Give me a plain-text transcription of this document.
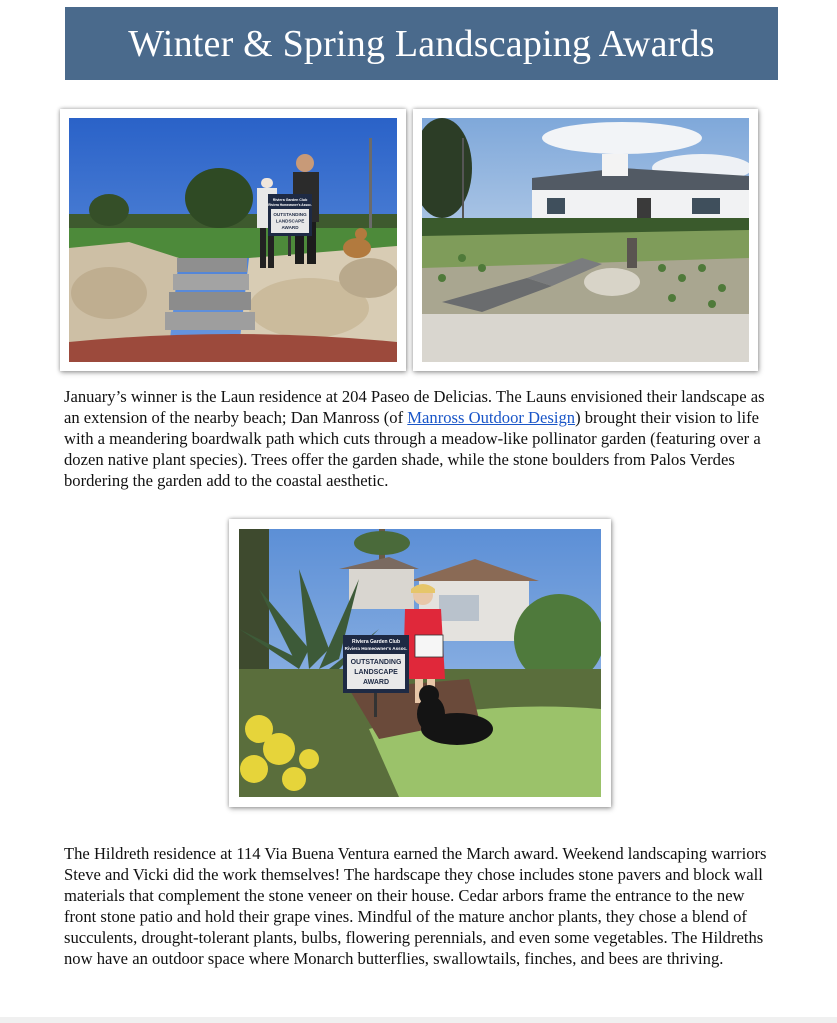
Winter & Spring Landscaping Awards
Riviera Garden Club
Riviera Homeowner's Assoc.
OUTSTANDING
LANDSCAPE
AWARD

January’s winner is the Laun residence at 204 Paseo de Delicias. The Launs envisioned their landscape as an extension of the nearby beach; Dan Manross (of Manross Outdoor Design) brought their vision to life with a meandering boardwalk path which cuts through a meadow-like pollinator garden (featuring over a dozen native plant species). Trees offer the garden shade, while the stone boulders from Palos Verdes bordering the garden add to the coastal aesthetic.

Riviera Garden Club
Riviera Homeowner's Assoc.
OUTSTANDING
LANDSCAPE
AWARD

The Hildreth residence at 114 Via Buena Ventura earned the March award. Weekend landscaping warriors Steve and Vicki did the work themselves! The hardscape they chose includes stone pavers and block wall materials that complement the stone veneer on their house. Cedar arbors frame the entrance to the new front stone patio and hold their grape vines. Mindful of the mature anchor plants, they chose a blend of succulents, drought-tolerant plants, bulbs, flowering perennials, and even some vegetables. The Hildreths now have an outdoor space where Monarch butterflies, swallowtails, finches, and bees are thriving.
